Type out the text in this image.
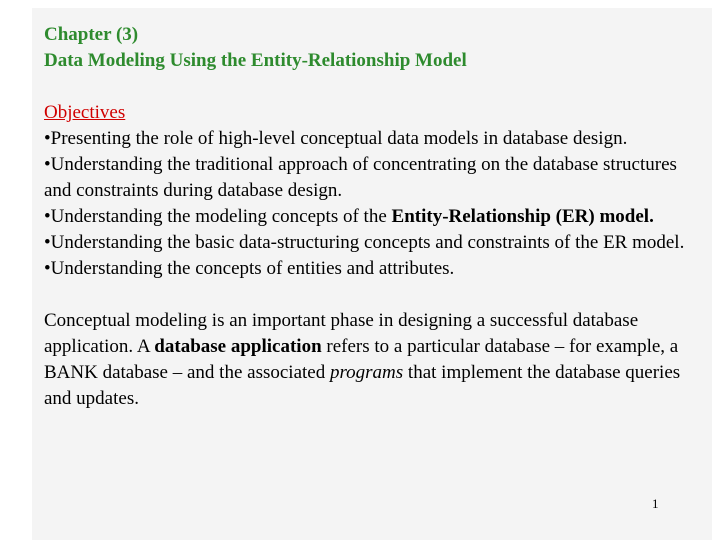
Chapter (3)
Data Modeling Using the Entity-Relationship Model
Objectives
•Presenting the role of high-level conceptual data models in database design.
•Understanding the traditional approach of concentrating on the database structures and constraints during database design.
•Understanding the modeling concepts of the Entity-Relationship (ER) model.
•Understanding the basic data-structuring concepts and constraints of the ER model.
•Understanding the concepts of entities and attributes.
Conceptual modeling is an important phase in designing a successful database application. A database application refers to a particular database – for example, a BANK database – and the associated programs that implement the database queries and updates.
1
